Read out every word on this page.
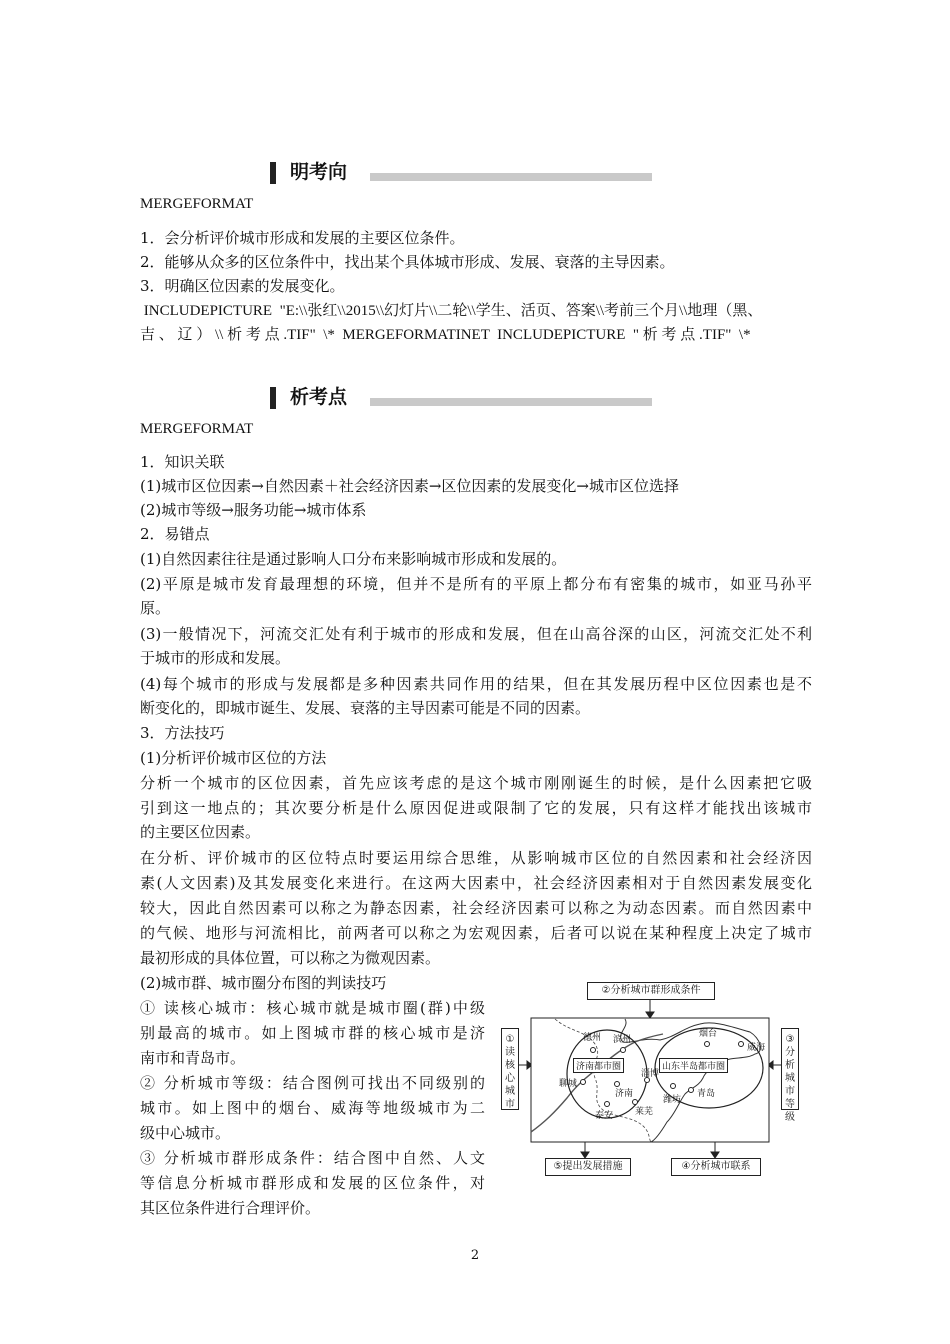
明考向
MERGEFORMAT
1．会分析评价城市形成和发展的主要区位条件。
2．能够从众多的区位条件中，找出某个具体城市形成、发展、衰落的主导因素。
3．明确区位因素的发展变化。
INCLUDEPICTURE  "E:\\张红\\2015\\幻灯片\\二轮\\学生、活页、答案\\考前三个月\\地理（黑、
吉 、 辽 ） \\ 析 考 点 .TIF"  \*  MERGEFORMATINET  INCLUDEPICTURE  " 析 考 点 .TIF"  \*
析考点
MERGEFORMAT
1．知识关联
(1)城市区位因素→自然因素＋社会经济因素→区位因素的发展变化→城市区位选择
(2)城市等级→服务功能→城市体系
2．易错点
(1)自然因素往往是通过影响人口分布来影响城市形成和发展的。
(2)平原是城市发育最理想的环境，但并不是所有的平原上都分布有密集的城市，如亚马孙平
原。
(3)一般情况下，河流交汇处有利于城市的形成和发展，但在山高谷深的山区，河流交汇处不利
于城市的形成和发展。
(4)每个城市的形成与发展都是多种因素共同作用的结果，但在其发展历程中区位因素也是不
断变化的，即城市诞生、发展、衰落的主导因素可能是不同的因素。
3．方法技巧
(1)分析评价城市区位的方法
分析一个城市的区位因素，首先应该考虑的是这个城市刚刚诞生的时候，是什么因素把它吸
引到这一地点的；其次要分析是什么原因促进或限制了它的发展，只有这样才能找出该城市
的主要区位因素。
在分析、评价城市的区位特点时要运用综合思维，从影响城市区位的自然因素和社会经济因
素(人文因素)及其发展变化来进行。在这两大因素中，社会经济因素相对于自然因素发展变化
较大，因此自然因素可以称之为静态因素，社会经济因素可以称之为动态因素。而自然因素中
的气候、地形与河流相比，前两者可以称之为宏观因素，后者可以说在某种程度上决定了城市
最初形成的具体位置，可以称之为微观因素。
(2)城市群、城市圈分布图的判读技巧
① 读核心城市：核心城市就是城市圈(群)中级
别最高的城市。如上图城市群的核心城市是济
南市和青岛市。
② 分析城市等级：结合图例可找出不同级别的
城市。如上图中的烟台、威海等地级城市为二
级中心城市。
③ 分析城市群形成条件：结合图中自然、人文
等信息分析城市群形成和发展的区位条件，对
其区位条件进行合理评价。
②分析城市群形成条件
①读核心城市
③分析城市等级
⑤提出发展措施	④分析城市联系
德州 滨州
烟台
威海
聊城
济南
淄博
潍坊
青岛
泰安 莱芜
济南都市圈	山东半岛都市圈
2
